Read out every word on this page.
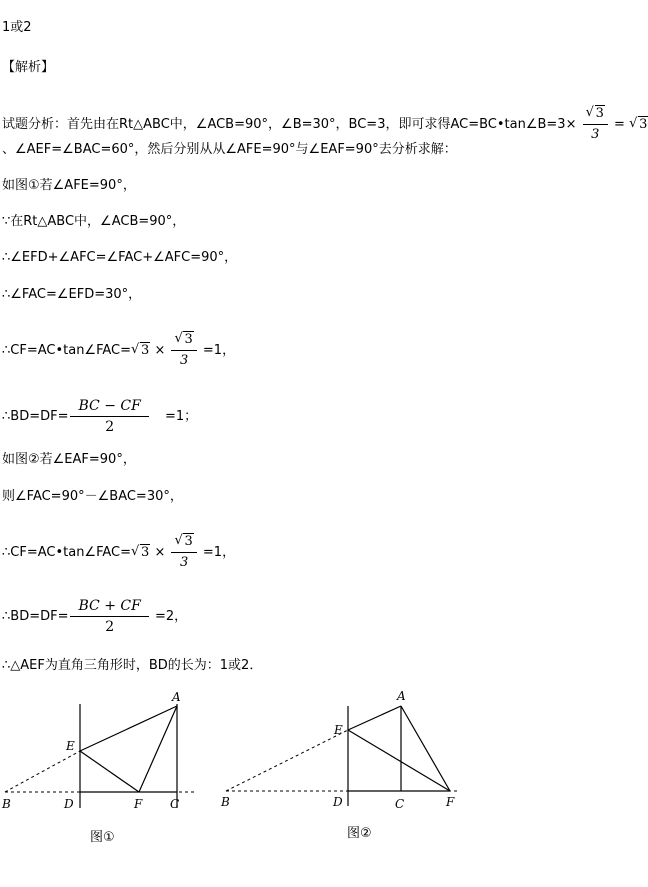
1或2
【解析】
试题分析：首先由在Rt△ABC中，∠ACB=90°，∠B=30°，BC=3，即可求得AC=BC•tan∠B=3× √ $\frac{3}{3}$ = √ 3
、∠AEF=∠BAC=60°，然后分别从从∠AFE=90°与∠EAF=90°去分析求解：
如图①若∠AFE=90°，
∵在Rt△ABC中，∠ACB=90°，
∴∠EFD+∠AFC=∠FAC+∠AFC=90°，
∴∠FAC=∠EFD=30°，
∴CF=AC•tan∠FAC= √ 3 × √ $\frac{3}{3} =1$，
∴BD=DF= $\frac{BC - CF}{2} =1$；
如图②若∠EAF=90°，
则∠FAC=90°－∠BAC=30°，
∴CF=AC•tan∠FAC= √ 3 × √ $\frac{3}{3} =1$，
∴BD=DF= $\frac{BC + CF}{2} =2$，
∴△AEF为直角三角形时，BD的长为：1或2．
A
E
B	D	F C
图①
A
E
B	D	C	F
图②
